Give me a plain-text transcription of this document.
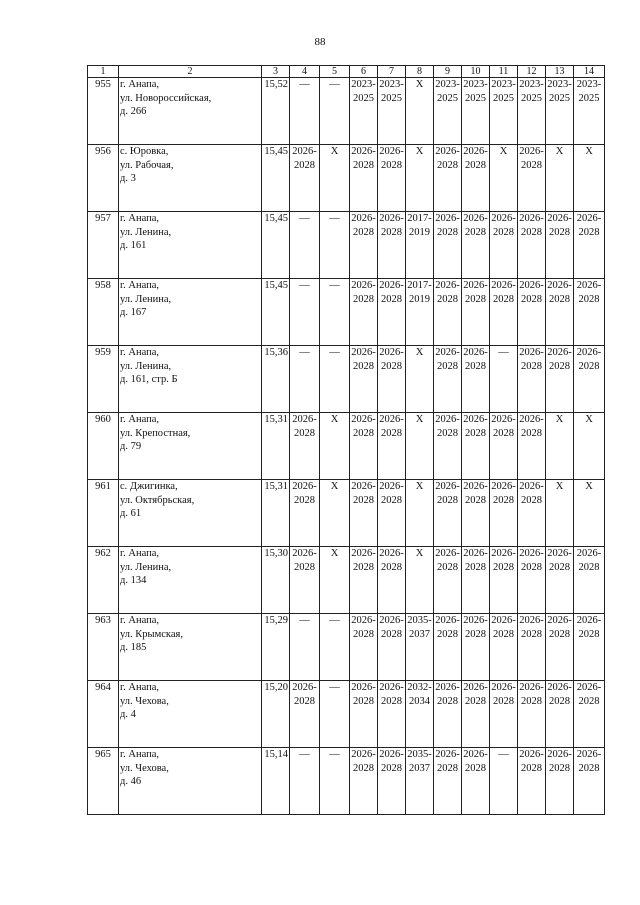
88
1	2	3	4	5	6	7	8	9	10	11	12	13	14
955	г. Анапа,
ул. Новороссийская,
д. 266	15,52	—	—	2023-2025	2023-2025	X	2023-2025	2023-2025	2023-2025	2023-2025	2023-2025	2023-2025
956	с. Юровка,
ул. Рабочая,
д. 3	15,45	2026-2028	X	2026-2028	2026-2028	X	2026-2028	2026-2028	X	2026-2028	X	X
957	г. Анапа,
ул. Ленина,
д. 161	15,45	—	—	2026-2028	2026-2028	2017-2019	2026-2028	2026-2028	2026-2028	2026-2028	2026-2028	2026-2028
958	г. Анапа,
ул. Ленина,
д. 167	15,45	—	—	2026-2028	2026-2028	2017-2019	2026-2028	2026-2028	2026-2028	2026-2028	2026-2028	2026-2028
959	г. Анапа,
ул. Ленина,
д. 161, стр. Б	15,36	—	—	2026-2028	2026-2028	X	2026-2028	2026-2028	—	2026-2028	2026-2028	2026-2028
960	г. Анапа,
ул. Крепостная,
д. 79	15,31	2026-2028	X	2026-2028	2026-2028	X	2026-2028	2026-2028	2026-2028	2026-2028	X	X
961	с. Джигинка,
ул. Октябрьская,
д. 61	15,31	2026-2028	X	2026-2028	2026-2028	X	2026-2028	2026-2028	2026-2028	2026-2028	X	X
962	г. Анапа,
ул. Ленина,
д. 134	15,30	2026-2028	X	2026-2028	2026-2028	X	2026-2028	2026-2028	2026-2028	2026-2028	2026-2028	2026-2028
963	г. Анапа,
ул. Крымская,
д. 185	15,29	—	—	2026-2028	2026-2028	2035-2037	2026-2028	2026-2028	2026-2028	2026-2028	2026-2028	2026-2028
964	г. Анапа,
ул. Чехова,
д. 4	15,20	2026-2028	—	2026-2028	2026-2028	2032-2034	2026-2028	2026-2028	2026-2028	2026-2028	2026-2028	2026-2028
965	г. Анапа,
ул. Чехова,
д. 46	15,14	—	—	2026-2028	2026-2028	2035-2037	2026-2028	2026-2028	—	2026-2028	2026-2028	2026-2028
